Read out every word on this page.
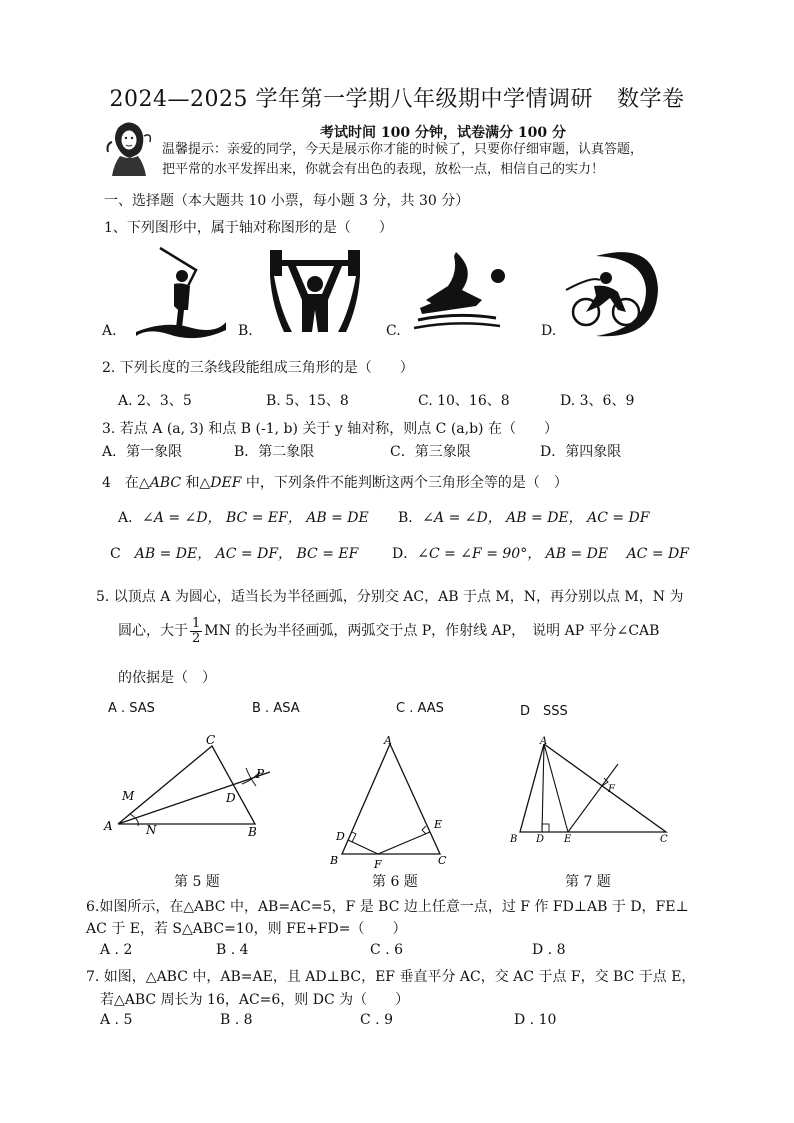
2024—2025 学年第一学期八年级期中学情调研 数学卷
考试时间 100 分钟，试卷满分 100 分
温馨提示：亲爱的同学，今天是展示你才能的时候了，只要你仔细审题，认真答题，
把平常的水平发挥出来，你就会有出色的表现，放松一点，相信自己的实力！
一、选择题（本大题共 10 小票，每小题 3 分，共 30 分）
1、下列图形中，属于轴对称图形的是（　　）
A.	B.	C.	D.
2. 下列长度的三条线段能组成三角形的是（　　）
A. 2、3、5	B. 5、15、8	C. 10、16、8	D. 3、6、9
3. 若点 A (a, 3) 和点 B (-1, b) 关于 y 轴对称，则点 C (a,b) 在（　　）
A．第一象限	B．第二象限	C．第三象限	D．第四象限
4　在△ABC 和△DEF 中，下列条件不能判断这两个三角形全等的是（　）
A．∠A = ∠D， BC = EF， AB = DE B．∠A = ∠D， AB = DE， AC = DF
C　 AB = DE， AC = DF， BC = EF D．∠C = ∠F = 90°， AB = DE　 AC = DF
5. 以顶点 A 为圆心，适当长为半径画弧，分别交 AC，AB 于点 M，N，再分别以点 M，N 为
圆心，大于 $\frac{1}{2}$ MN 的长为半径画弧，两弧交于点 P，作射线 AP，　说明 AP 平分∠CAB
的依据是（　）
A . SAS	B . ASA	C . AAS	D　SSS
C
M
A	N	B
D
P
A
D
E
B	F	C
A
F
B D E	C
第 5 题	第 6 题	第 7 题
6.如图所示，在△ABC 中，AB=AC=5，F 是 BC 边上任意一点，过 F 作 FD⊥AB 于 D，FE⊥
AC 于 E，若 S△ABC=10，则 FE+FD=（　　）
A . 2	B . 4	C . 6	D . 8
7. 如图，△ABC 中，AB=AE，且 AD⊥BC，EF 垂直平分 AC，交 AC 于点 F，交 BC 于点 E，
若△ABC 周长为 16，AC=6，则 DC 为（　　）
A . 5	B . 8	C . 9	D . 10
